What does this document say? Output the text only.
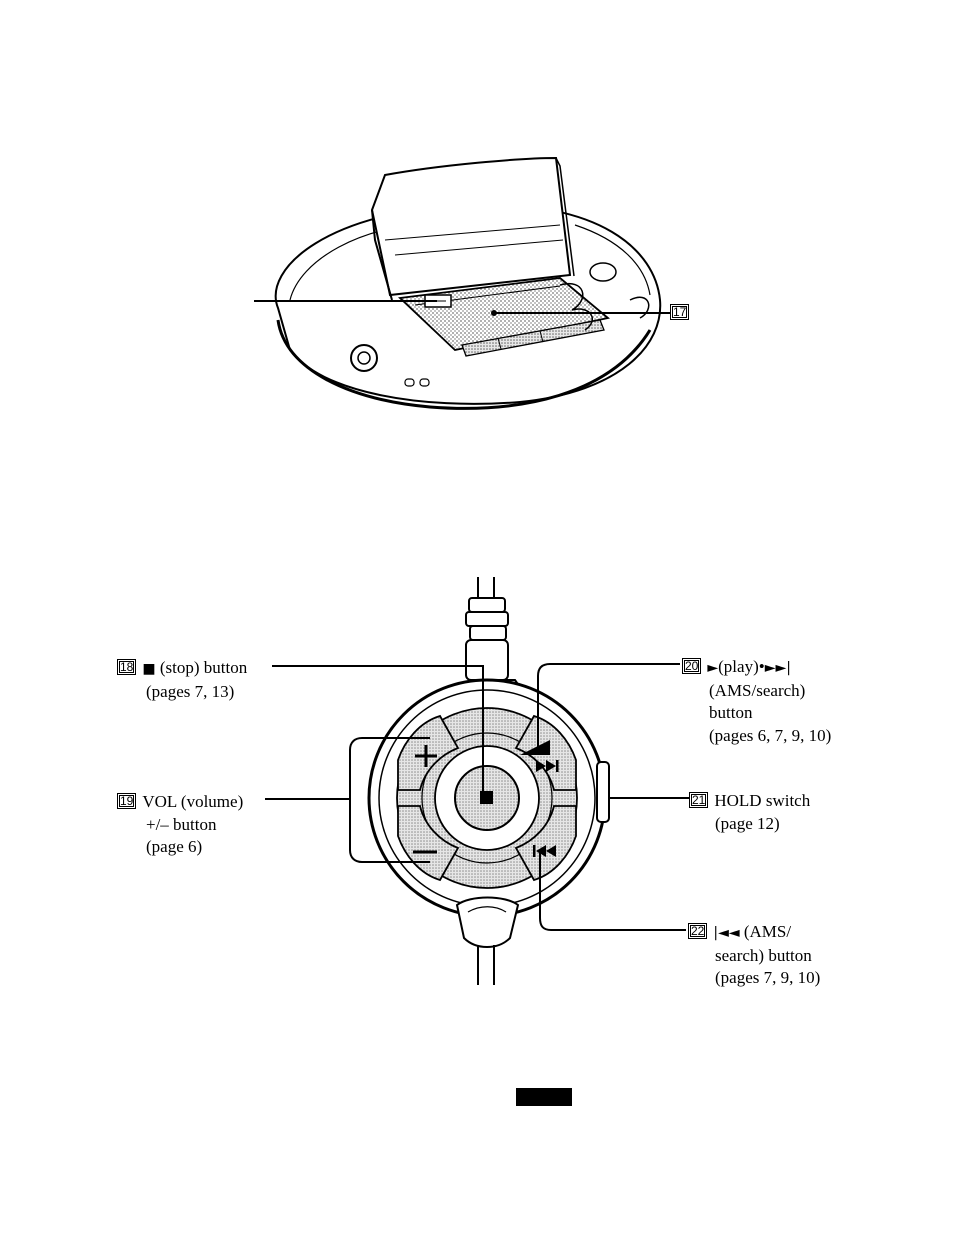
17
18 ■ (stop) button
(pages 7, 13)
19 VOL (volume)
+/– button
(page 6)
20 ►(play)•►►|
(AMS/search)
button
(pages 6, 7, 9, 10)
21 HOLD switch
(page 12)
22 |◄◄ (AMS/
search) button
(pages 7, 9, 10)
